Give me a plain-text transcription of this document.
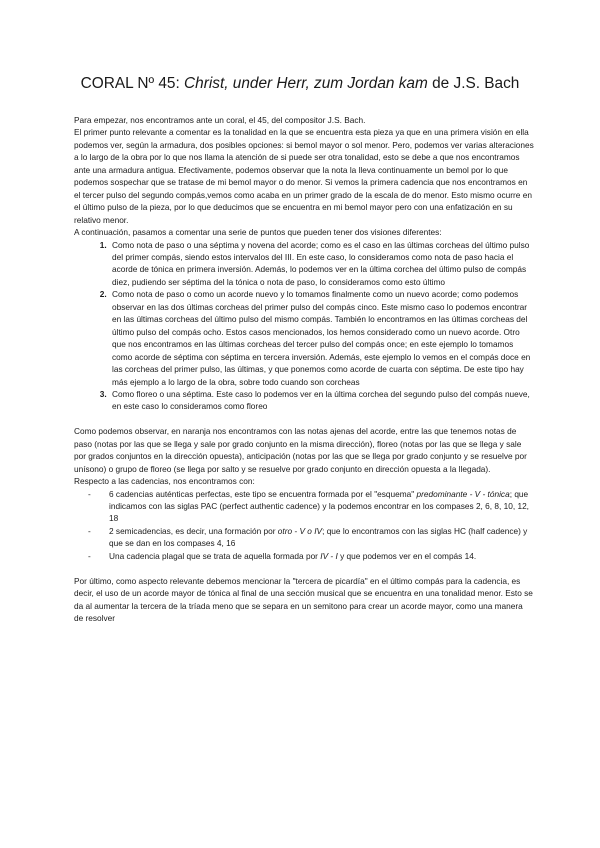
CORAL Nº 45: Christ, under Herr, zum Jordan kam de J.S. Bach

Para empezar, nos encontramos ante un coral, el 45, del compositor J.S. Bach.

El primer punto relevante a comentar es la tonalidad en la que se encuentra esta pieza ya que en una primera visión en ella podemos ver, según la armadura, dos posibles opciones: si bemol mayor o sol menor. Pero, podemos ver varias alteraciones a lo largo de la obra por lo que nos llama la atención de si puede ser otra tonalidad, esto se debe a que nos encontramos ante una armadura antigua. Efectivamente, podemos observar que la nota la lleva continuamente un bemol por lo que podemos sospechar que se tratase de mi bemol mayor o do menor. Si vemos la primera cadencia que nos encontramos en el tercer pulso del segundo compás,vemos como acaba en un primer grado de la escala de do menor. Esto mismo ocurre en el último pulso de la pieza, por lo que deducimos que se encuentra en mi bemol mayor pero con una enfatización en su relativo menor.

A continuación, pasamos a comentar una serie de puntos que pueden tener dos visiones diferentes:

1. Como nota de paso o una séptima y novena del acorde; como es el caso en las últimas corcheas del último pulso del primer compás, siendo estos intervalos del III. En este caso, lo consideramos como nota de paso hacia el acorde de tónica en primera inversión. Además, lo podemos ver en la última corchea del último pulso de compás diez, pudiendo ser séptima del la tónica o nota de paso, lo consideramos como esto último
2. Como nota de paso o como un acorde nuevo y lo tomamos finalmente como un nuevo acorde; como podemos observar en las dos últimas corcheas del primer pulso del compás cinco. Este mismo caso lo podemos encontrar en las últimas corcheas del último pulso del mismo compás. También lo encontramos en las últimas corcheas del último pulso del compás ocho. Estos casos mencionados, los hemos considerado como un nuevo acorde. Otro que nos encontramos en las últimas corcheas del tercer pulso del compás once; en este ejemplo lo tomamos como acorde de séptima con séptima en tercera inversión. Además, este ejemplo lo vemos en el compás doce en las corcheas del primer pulso, las últimas, y que ponemos como acorde de cuarta con séptima. De este tipo hay más ejemplo a lo largo de la obra, sobre todo cuando son corcheas
3. Como floreo o una séptima. Este caso lo podemos ver en la última corchea del segundo pulso del compás nueve, en este caso lo consideramos como floreo

Como podemos observar, en naranja nos encontramos con las notas ajenas del acorde, entre las que tenemos notas de paso (notas por las que se llega y sale por grado conjunto en la misma dirección), floreo (notas por las que se llega y sale por grados conjuntos en la dirección opuesta), anticipación (notas por las que se llega por grado conjunto y se resuelve por unísono) o grupo de floreo (se llega por salto y se resuelve por grado conjunto en dirección opuesta a la llegada).

Respecto a las cadencias, nos encontramos con:

- 6 cadencias auténticas perfectas, este tipo se encuentra formada por el "esquema" predominante - V - tónica; que indicamos con las siglas PAC (perfect authentic cadence) y la podemos encontrar en los compases 2, 6, 8, 10, 12, 18
- 2 semicadencias, es decir, una formación por otro - V o IV; que lo encontramos con las siglas HC (half cadence) y que se dan en los compases 4, 16
- Una cadencia plagal que se trata de aquella formada por IV - I y que podemos ver en el compás 14.

Por último, como aspecto relevante debemos mencionar la "tercera de picardía" en el último compás para la cadencia, es decir, el uso de un acorde mayor de tónica al final de una sección musical que se encuentra en una tonalidad menor. Esto se da al aumentar la tercera de la tríada meno que se separa en un semitono para crear un acorde mayor, como una manera de resolver
